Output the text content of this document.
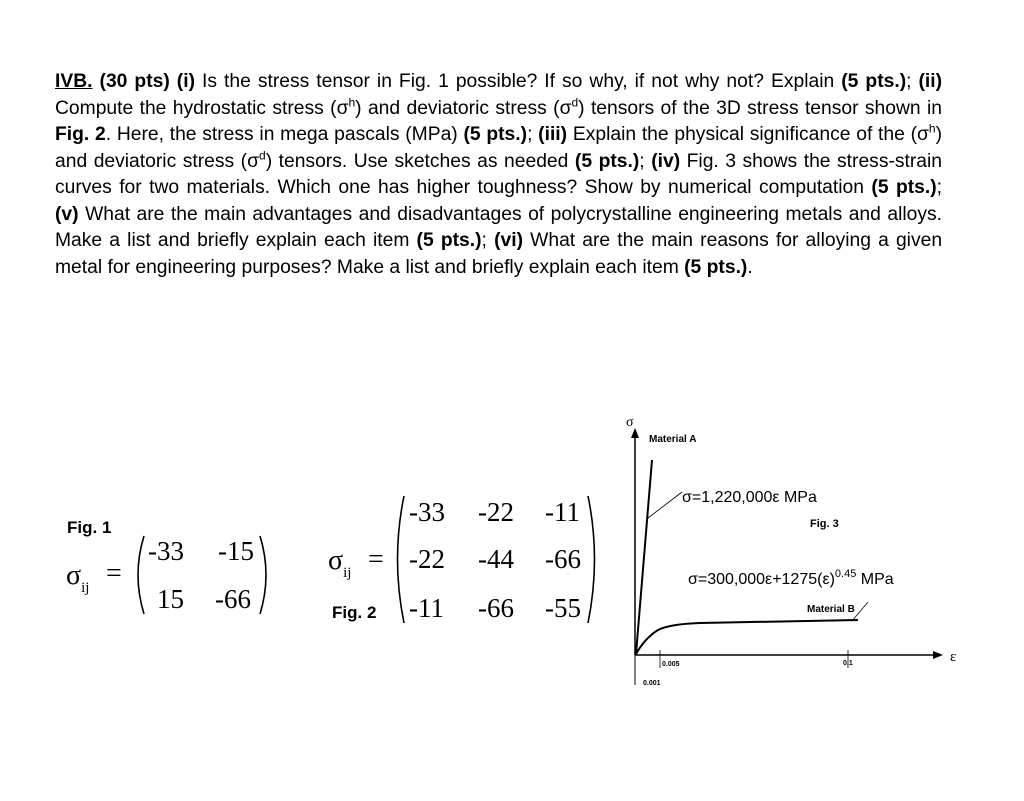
IVB. (30 pts) (i) Is the stress tensor in Fig. 1 possible? If so why, if not why not? Explain (5 pts.); (ii) Compute the hydrostatic stress $(\sigma^h)$ and deviatoric stress $(\sigma^d)$ tensors of the 3D stress tensor shown in Fig. 2. Here, the stress in mega pascals (MPa) (5 pts.); (iii) Explain the physical significance of the $(\sigma^h)$ and deviatoric stress $(\sigma^d)$ tensors. Use sketches as needed (5 pts.); (iv) Fig. 3 shows the stress-strain curves for two materials. Which one has higher toughness? Show by numerical computation (5 pts.); (v) What are the main advantages and disadvantages of polycrystalline engineering metals and alloys. Make a list and briefly explain each item (5 pts.); (vi) What are the main reasons for alloying a given metal for engineering purposes? Make a list and briefly explain each item (5 pts.).
Fig. 1
$\sigma_{ij}$ =
-33 -15
15 -66
$\sigma_{ij}$ =
Fig. 2
-33 -22 -11
-22 -44 -66
-11 -66 -55
σ
ε
Material A
σ=1,220,000ε MPa
Fig. 3
$\sigma=300,000\varepsilon+1275(\varepsilon)^{0.45}$ MPa
Material B
0.005	0.1
0.001
